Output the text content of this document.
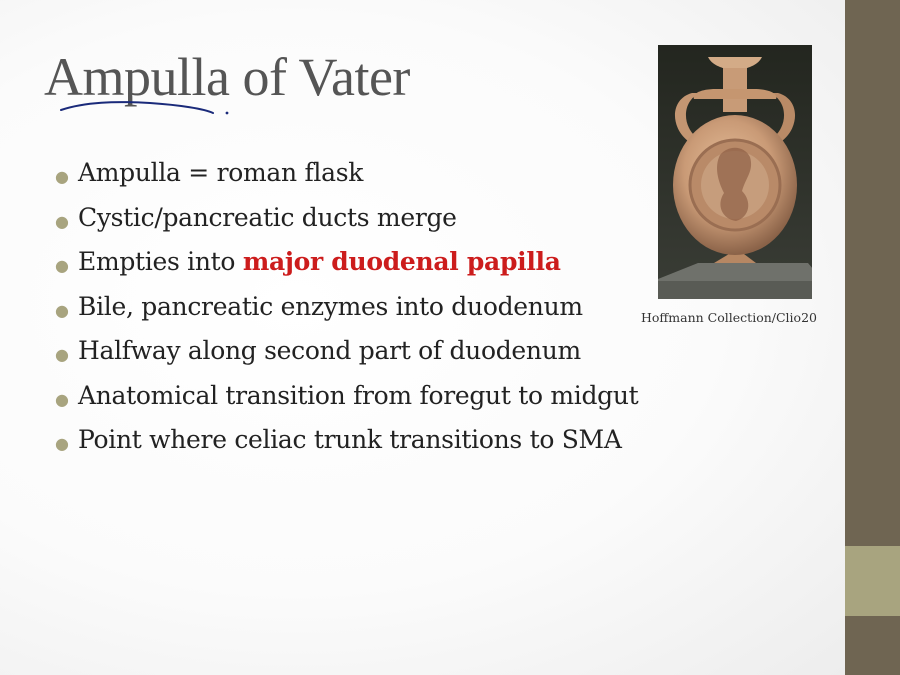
Ampulla of Vater
● Ampulla = roman flask
● Cystic/pancreatic ducts merge
● Empties into major duodenal papilla
● Bile, pancreatic enzymes into duodenum
● Halfway along second part of duodenum
● Anatomical transition from foregut to midgut
● Point where celiac trunk transitions to SMA
Hoffmann Collection/Clio20
